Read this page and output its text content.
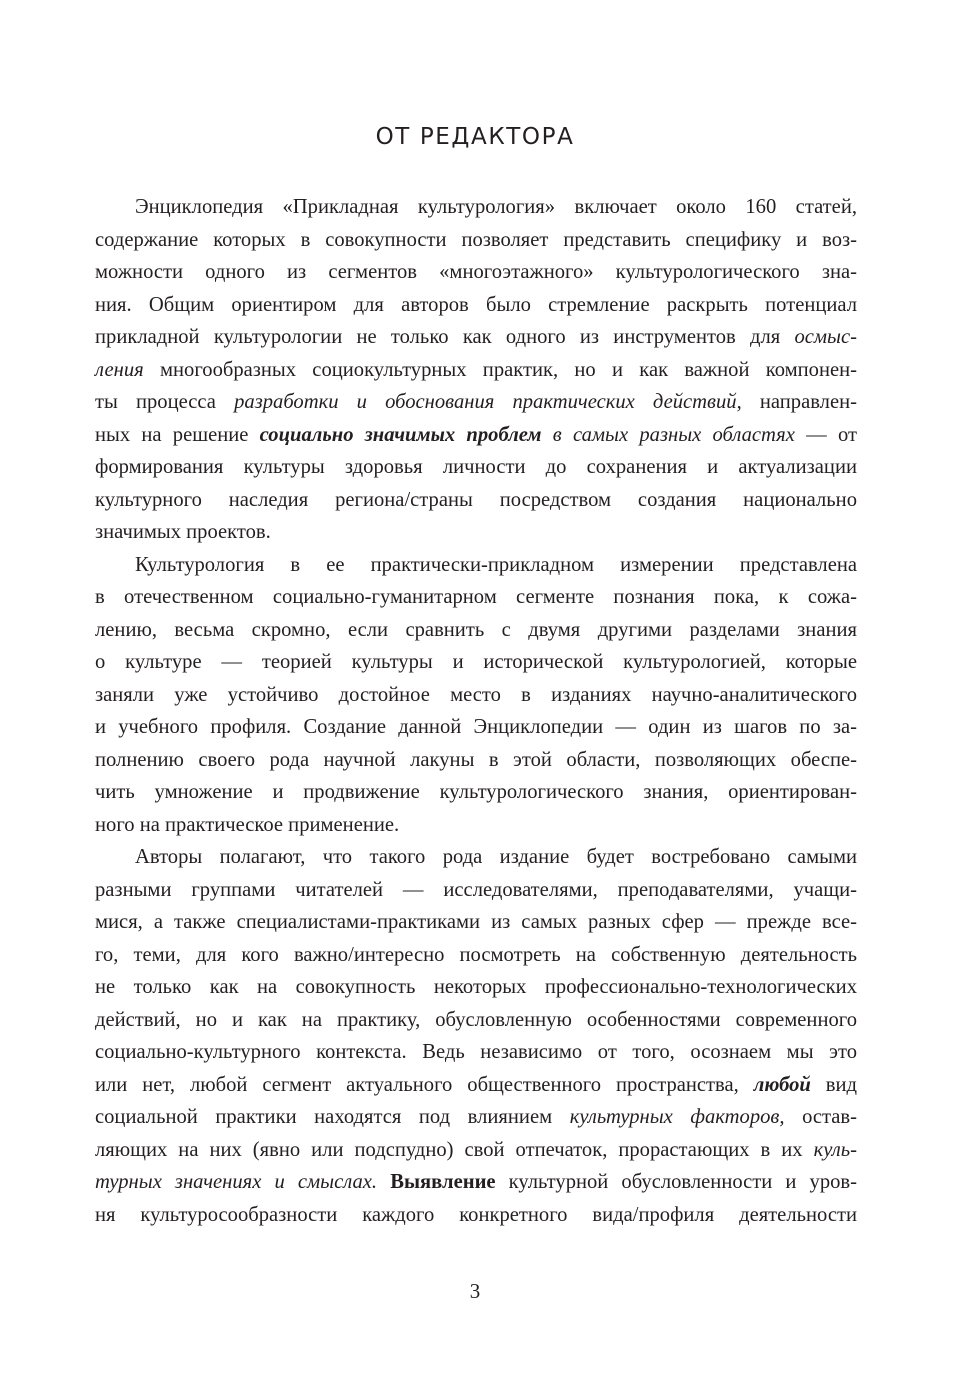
ОТ РЕДАКТОРА
Энциклопедия «Прикладная культурология» включает около 160 статей,
содержание которых в совокупности позволяет представить специфику и воз-
можности одного из сегментов «многоэтажного» культурологического зна-
ния. Общим ориентиром для авторов было стремление раскрыть потенциал
прикладной культурологии не только как одного из инструментов для осмыс-
ления многообразных социокультурных практик, но и как важной компонен-
ты процесса разработки и обоснования практических действий, направлен-
ных на решение социально значимых проблем в самых разных областях — от
формирования культуры здоровья личности до сохранения и актуализации
культурного наследия региона/страны посредством создания национально
значимых проектов.
Культурология в ее практически-прикладном измерении представлена
в отечественном социально-гуманитарном сегменте познания пока, к сожа-
лению, весьма скромно, если сравнить с двумя другими разделами знания
о культуре — теорией культуры и исторической культурологией, которые
заняли уже устойчиво достойное место в изданиях научно-аналитического
и учебного профиля. Создание данной Энциклопедии — один из шагов по за-
полнению своего рода научной лакуны в этой области, позволяющих обеспе-
чить умножение и продвижение культурологического знания, ориентирован-
ного на практическое применение.
Авторы полагают, что такого рода издание будет востребовано самыми
разными группами читателей — исследователями, преподавателями, учащи-
мися, а также специалистами-практиками из самых разных сфер — прежде все-
го, теми, для кого важно/интересно посмотреть на собственную деятельность
не только как на совокупность некоторых профессионально-технологических
действий, но и как на практику, обусловленную особенностями современного
социально-культурного контекста. Ведь независимо от того, осознаем мы это
или нет, любой сегмент актуального общественного пространства, любой вид
социальной практики находятся под влиянием культурных факторов, остав-
ляющих на них (явно или подспудно) свой отпечаток, прорастающих в их куль-
турных значениях и смыслах. Выявление культурной обусловленности и уров-
ня культуросообразности каждого конкретного вида/профиля деятельности
3
